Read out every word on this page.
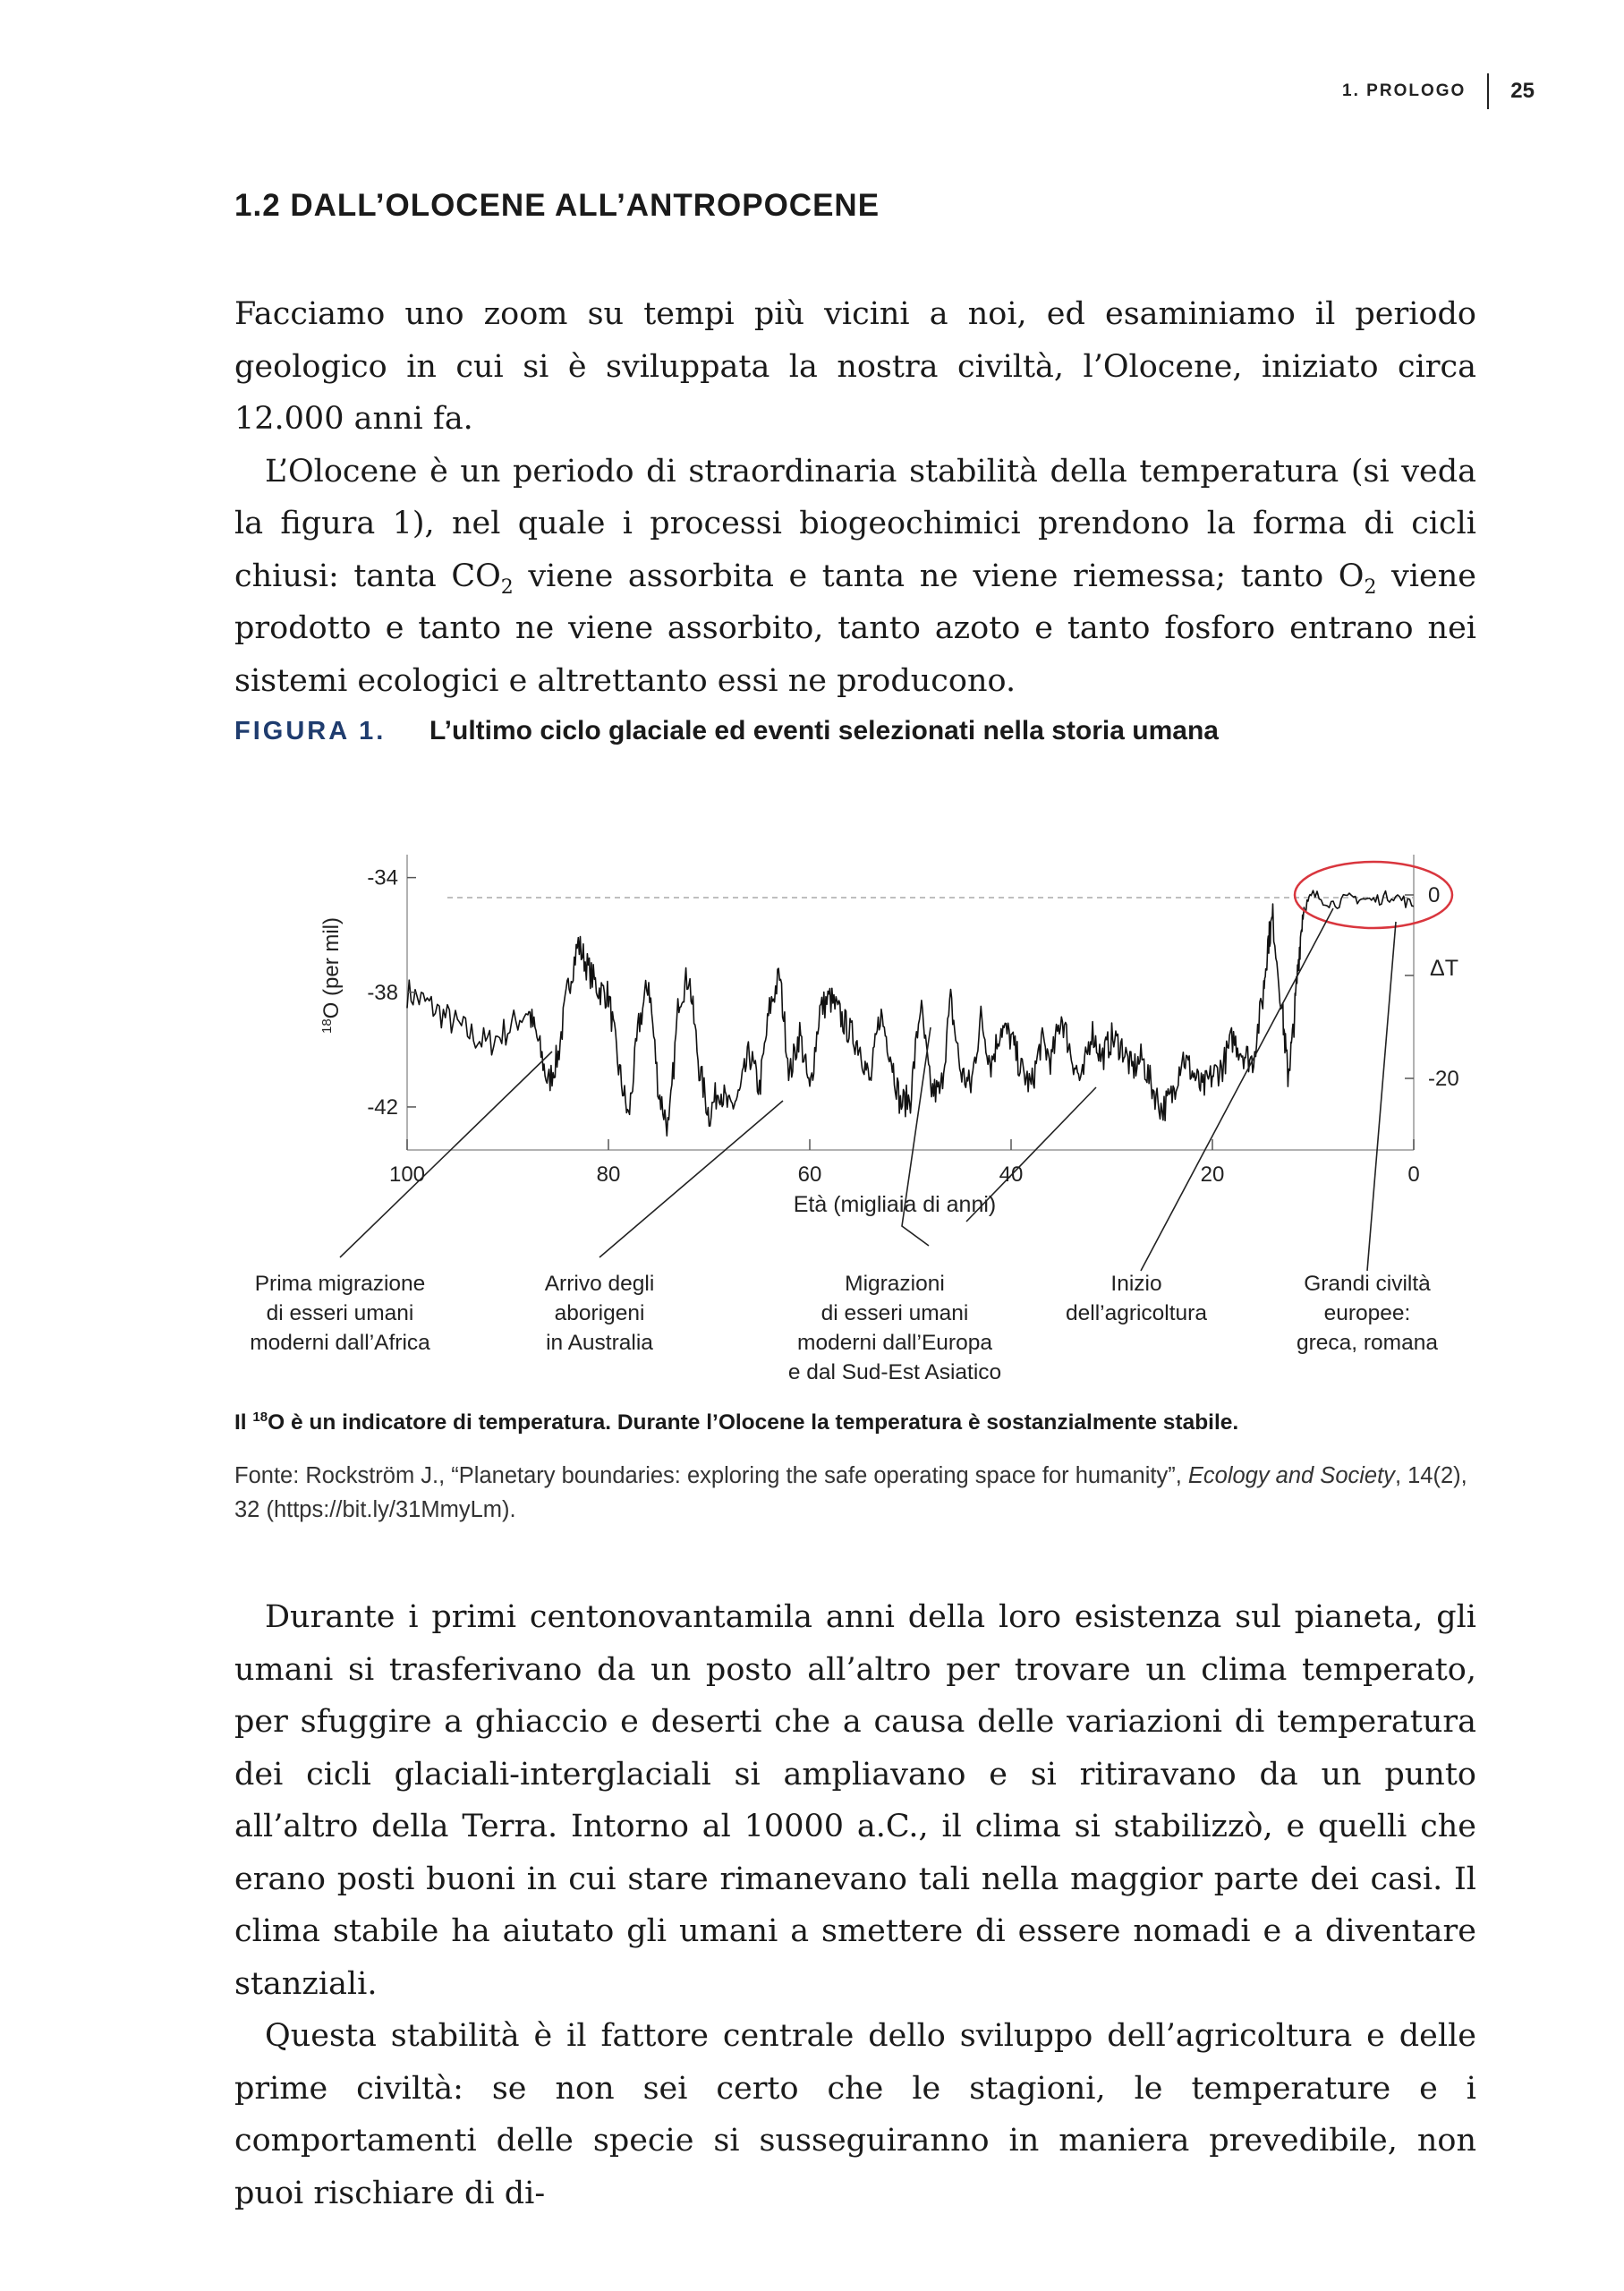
1. PROLOGO 25
1.2 DALL’OLOCENE ALL’ANTROPOCENE

Facciamo uno zoom su tempi più vicini a noi, ed esaminiamo il periodo geologico in cui si è sviluppata la nostra civiltà, l’Olocene, iniziato circa 12.000 anni fa.

L’Olocene è un periodo di straordinaria stabilità della temperatura (si veda la figura 1), nel quale i processi biogeochimici prendono la forma di cicli chiusi: tanta $CO_2$ viene assorbita e tanta ne viene riemessa; tanto $O_2$ viene prodotto e tanto ne viene assorbito, tanto azoto e tanto fosforo entrano nei sistemi ecologici e altrettanto essi ne producono.

FIGURA 1.	L’ultimo ciclo glaciale ed eventi selezionati nella storia umana
-34
-38
-42
0
-20
100	80	60	40	20	0
$^{18}$O (per mil)	ΔT
Età (migliaia di anni)
Prima migrazione di esseri umani moderni dall’Africa
Arrivo degli aborigeni in Australia
Migrazioni di esseri umani moderni dall’Europa e dal Sud-Est Asiatico
Inizio dell’agricoltura
Grandi civiltà europee: greca, romana
Il $^{18}$O è un indicatore di temperatura. Durante l’Olocene la temperatura è sostanzialmente stabile.
Fonte: Rockström J., “Planetary boundaries: exploring the safe operating space for humanity”, Ecology and Society, 14(2), 32 (https://bit.ly/31MmyLm).

Durante i primi centonovantamila anni della loro esistenza sul pianeta, gli umani si trasferivano da un posto all’altro per trovare un clima temperato, per sfuggire a ghiaccio e deserti che a causa delle variazioni di temperatura dei cicli glaciali-interglaciali si ampliavano e si ritiravano da un punto all’altro della Terra. Intorno al 10000 a.C., il clima si stabilizzò, e quelli che erano posti buoni in cui stare rimanevano tali nella maggior parte dei casi. Il clima stabile ha aiutato gli umani a smettere di essere nomadi e a diventare stanziali.

Questa stabilità è il fattore centrale dello sviluppo dell’agricoltura e delle prime civiltà: se non sei certo che le stagioni, le temperature e i comportamenti delle specie si susseguiranno in maniera prevedibile, non puoi rischiare di di-
